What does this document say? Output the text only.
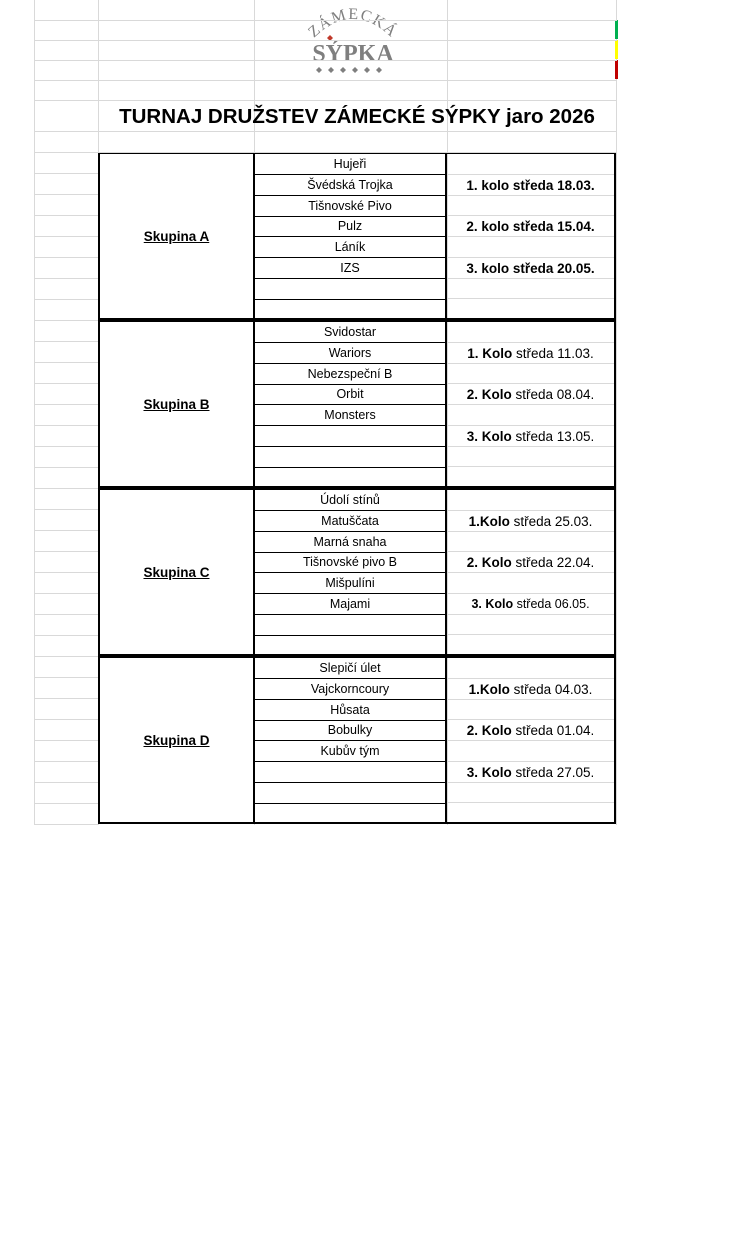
ZÁMECKÁ
SÝPKA
TURNAJ DRUŽSTEV ZÁMECKÉ SÝPKY jaro 2026
Skupina A
Hujeři
Švédská Trojka
Tišnovské Pivo
Pulz
Láník
IZS
1. kolo středa 18.03.
2. kolo středa 15.04.
3. kolo středa 20.05.
Skupina B
Svidostar
Wariors
Nebezspeční B
Orbit
Monsters
1. Kolo středa 11.03.
2. Kolo středa 08.04.
3. Kolo středa 13.05.
Skupina C
Údolí stínů
Matuščata
Marná snaha
Tišnovské pivo B
Mišpulíni
Majami
1.Kolo středa 25.03.
2. Kolo středa 22.04.
3. Kolo středa 06.05.
Skupina D
Slepičí úlet
Vajckorncoury
Hůsata
Bobulky
Kubův tým
1.Kolo středa 04.03.
2. Kolo středa 01.04.
3. Kolo středa 27.05.
